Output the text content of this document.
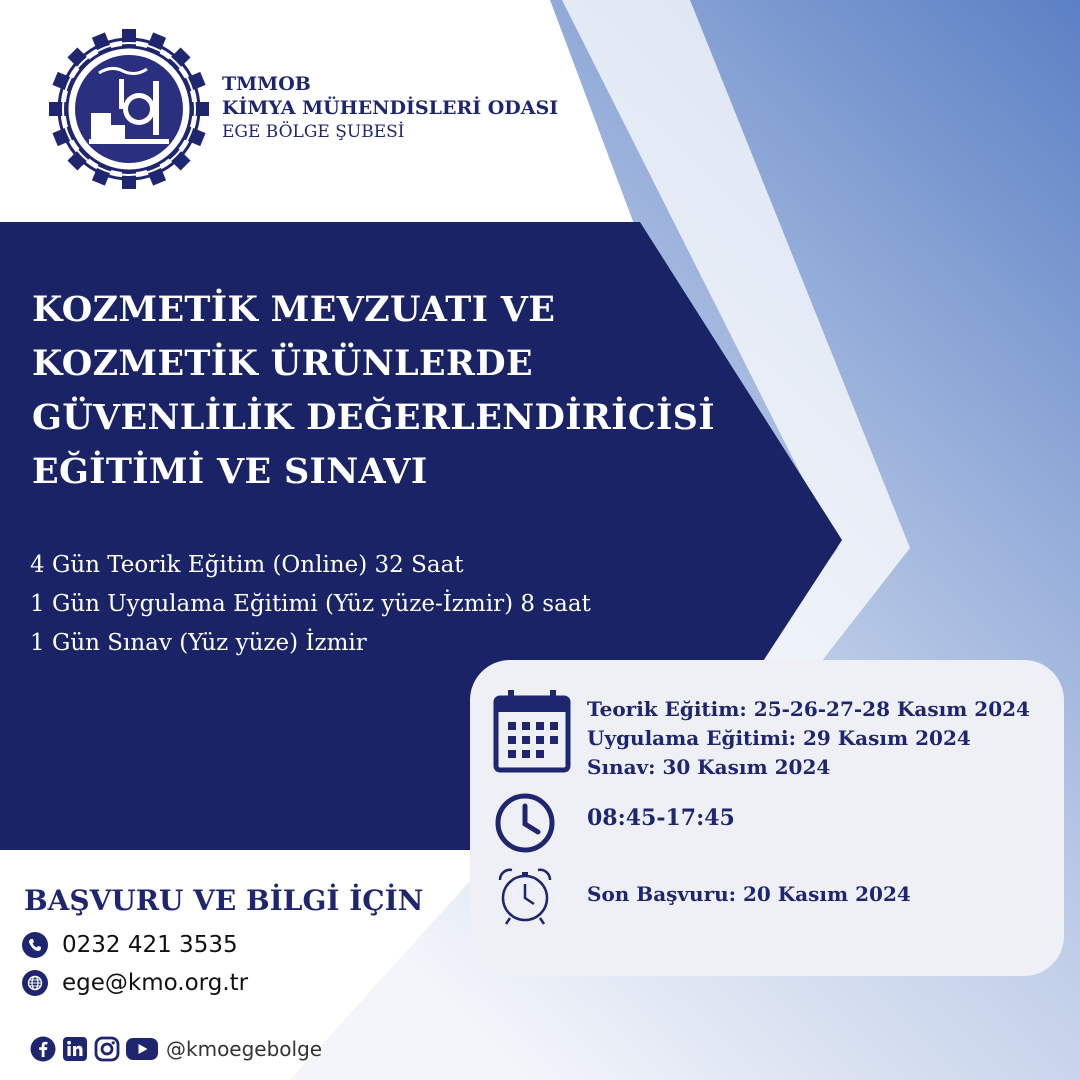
TMMOB
KİMYA MÜHENDİSLERİ ODASI
EGE BÖLGE ŞUBESİ
KOZMETİK MEVZUATI VE
KOZMETİK ÜRÜNLERDE
GÜVENLİLİK DEĞERLENDİRİCİSİ
EĞİTİMİ VE SINAVI
4 Gün Teorik Eğitim (Online) 32 Saat
1 Gün Uygulama Eğitimi (Yüz yüze-İzmir) 8 saat
1 Gün Sınav (Yüz yüze) İzmir
Teorik Eğitim: 25-26-27-28 Kasım 2024
Uygulama Eğitimi: 29 Kasım 2024
Sınav: 30 Kasım 2024
08:45-17:45
Son Başvuru: 20 Kasım 2024
BAŞVURU VE BİLGİ İÇİN
0232 421 3535
ege@kmo.org.tr
@kmoegebolge
